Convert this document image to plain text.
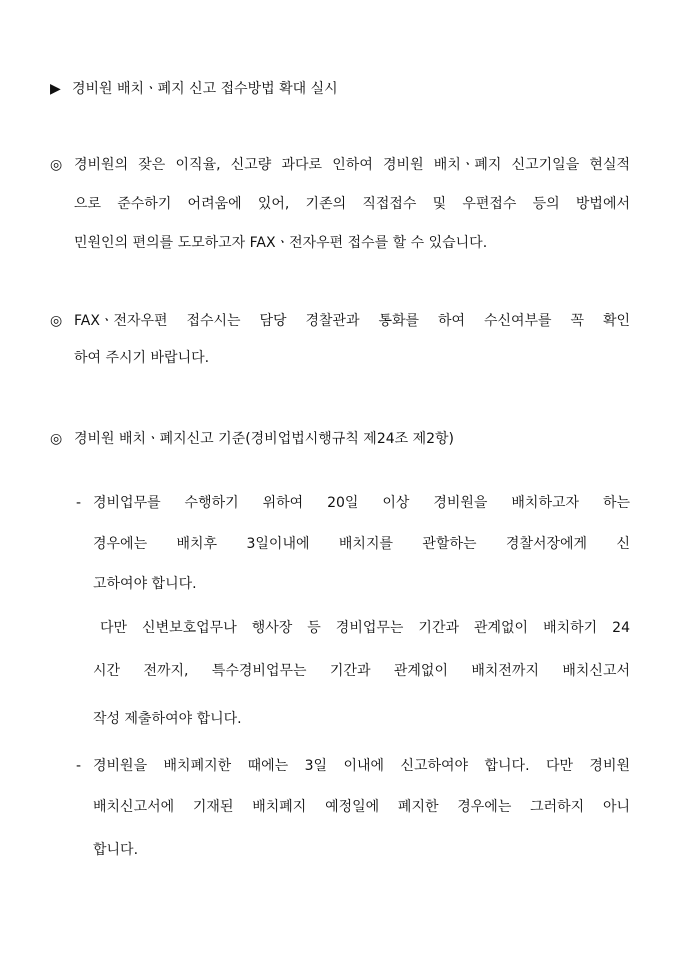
▶ 경비원 배치ㆍ폐지 신고 접수방법 확대 실시
◎ 경비원의 잦은 이직율, 신고량 과다로 인하여 경비원 배치ㆍ폐지 신고기일을 현실적
으로 준수하기 어려움에 있어, 기존의 직접접수 및 우편접수 등의 방법에서
민원인의 편의를 도모하고자 FAXㆍ전자우편 접수를 할 수 있습니다.
◎ FAXㆍ전자우편 접수시는 담당 경찰관과 통화를 하여 수신여부를 꼭 확인
하여 주시기 바랍니다.
◎ 경비원 배치ㆍ폐지신고 기준(경비업법시행규칙 제24조 제2항)
- 경비업무를 수행하기 위하여 20일 이상 경비원을 배치하고자 하는
경우에는 배치후 3일이내에 배치지를 관할하는 경찰서장에게 신
고하여야 합니다.
다만 신변보호업무나 행사장 등 경비업무는 기간과 관계없이 배치하기 24
시간 전까지, 특수경비업무는 기간과 관계없이 배치전까지 배치신고서
작성 제출하여야 합니다.
- 경비원을 배치폐지한 때에는 3일 이내에 신고하여야 합니다. 다만 경비원
배치신고서에 기재된 배치폐지 예정일에 폐지한 경우에는 그러하지 아니
합니다.
